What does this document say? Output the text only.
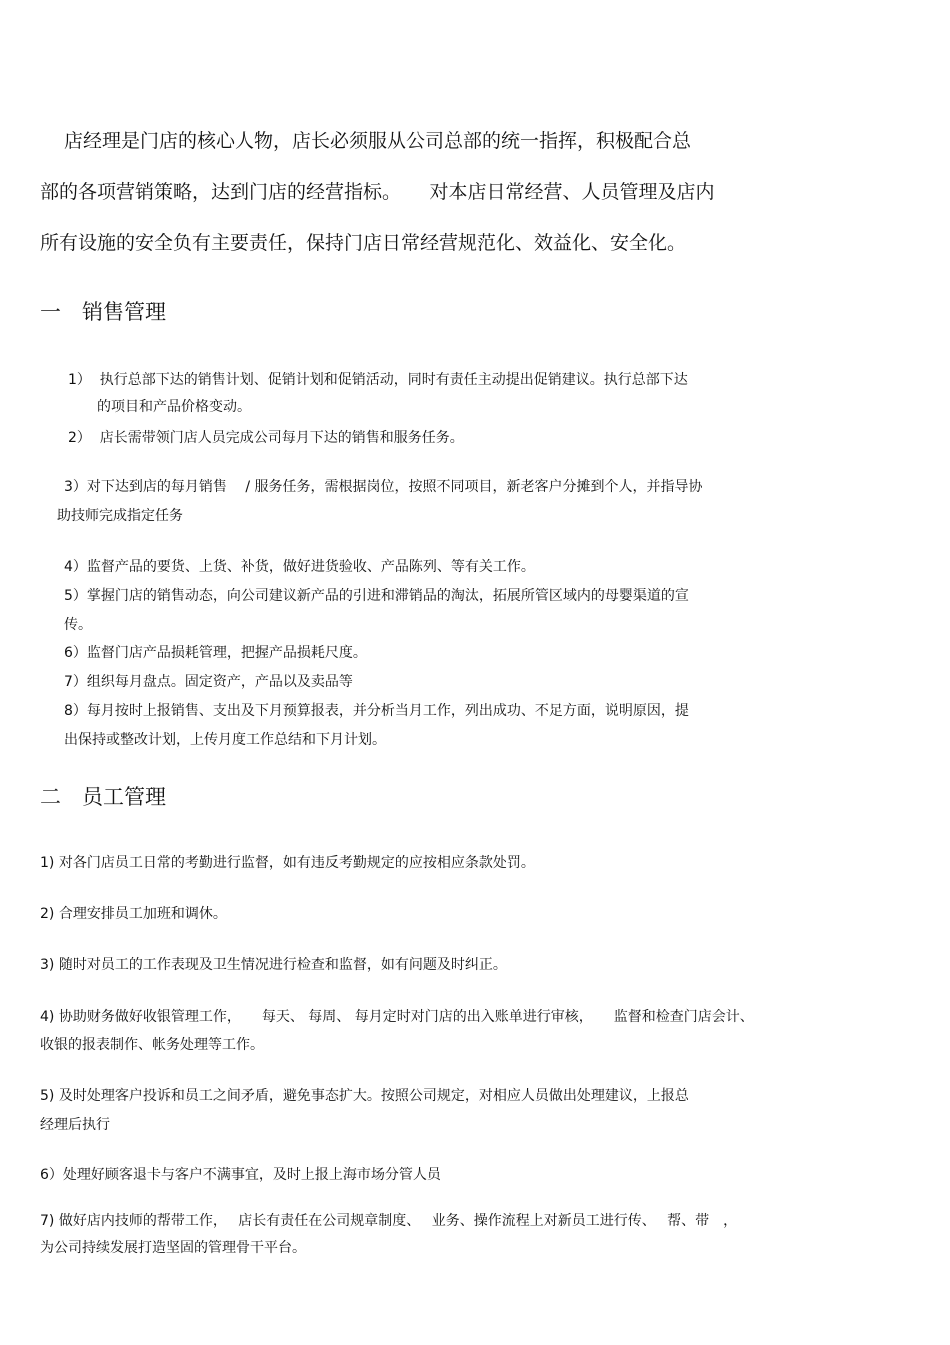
店经理是门店的核心人物，店长必须服从公司总部的统一指挥，积极配合总
部的各项营销策略，达到门店的经营指标。　　对本店日常经营、人员管理及店内
所有设施的安全负有主要责任，保持门店日常经营规范化、效益化、安全化。
一　销售管理
1）  执行总部下达的销售计划、促销计划和促销活动，同时有责任主动提出促销建议。执行总部下达
的项目和产品价格变动。
2）  店长需带领门店人员完成公司每月下达的销售和服务任务。
3）对下达到店的每月销售　 / 服务任务，需根据岗位，按照不同项目，新老客户分摊到个人，并指导协
助技师完成指定任务
4）监督产品的要货、上货、补货，做好进货验收、产品陈列、等有关工作。
5）掌握门店的销售动态，向公司建议新产品的引进和滞销品的淘汰，拓展所管区域内的母婴渠道的宣
传。
6）监督门店产品损耗管理，把握产品损耗尺度。
7）组织每月盘点。固定资产，产品以及卖品等
8）每月按时上报销售、支出及下月预算报表，并分析当月工作，列出成功、不足方面，说明原因，提
出保持或整改计划，上传月度工作总结和下月计划。
二　员工管理
1) 对各门店员工日常的考勤进行监督，如有违反考勤规定的应按相应条款处罚。
2) 合理安排员工加班和调休。
3) 随时对员工的工作表现及卫生情况进行检查和监督，如有问题及时纠正。
4) 协助财务做好收银管理工作，　　每天、 每周、 每月定时对门店的出入账单进行审核，　　监督和检查门店会计、
收银的报表制作、帐务处理等工作。
5) 及时处理客户投诉和员工之间矛盾，避免事态扩大。按照公司规定，对相应人员做出处理建议，上报总
经理后执行
6）处理好顾客退卡与客户不满事宜，及时上报上海市场分管人员
7) 做好店内技师的帮带工作，　 店长有责任在公司规章制度、　 业务、操作流程上对新员工进行传、　 帮、带　，
为公司持续发展打造坚固的管理骨干平台。
